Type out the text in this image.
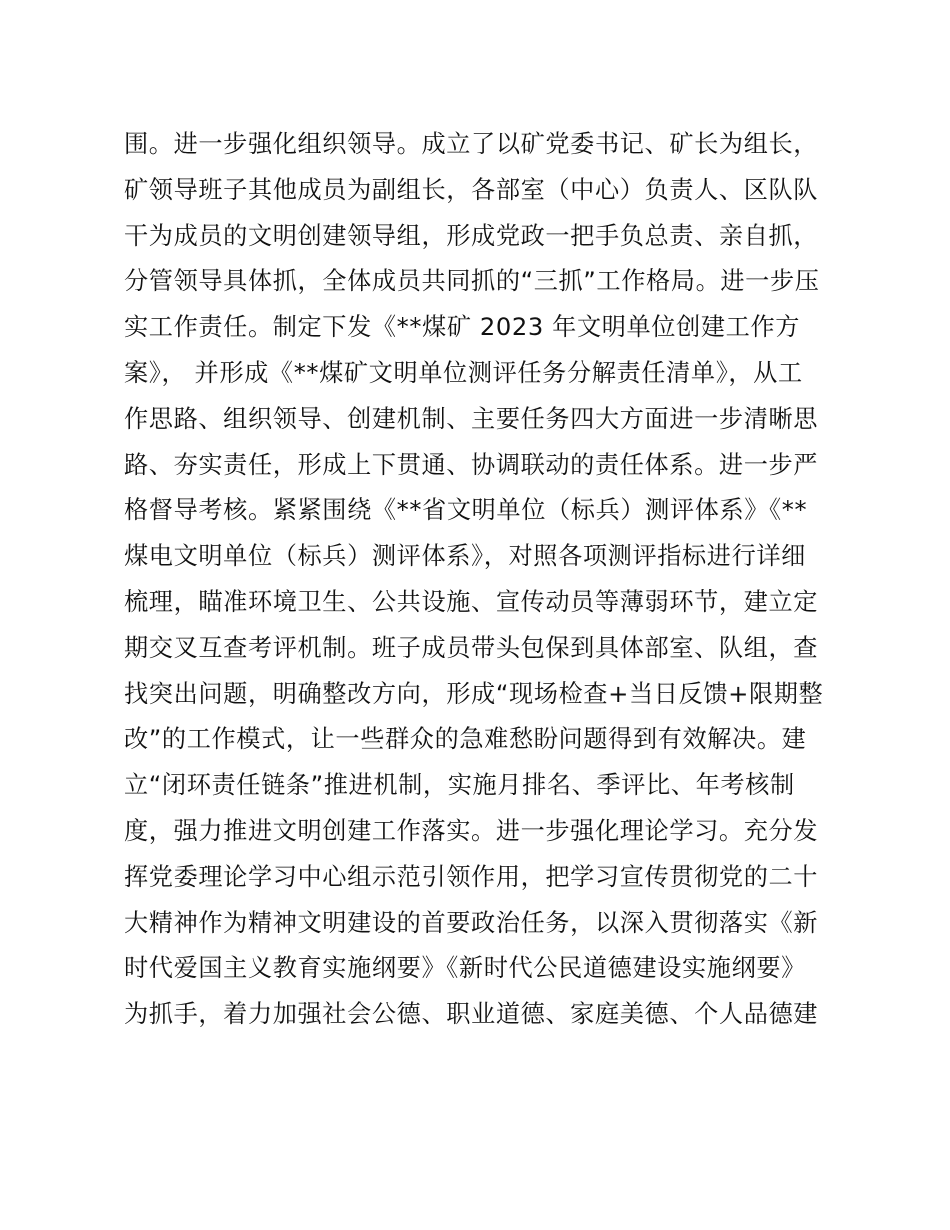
围。进一步强化组织领导。成立了以矿党委书记、矿长为组长，
矿领导班子其他成员为副组长，各部室（中心）负责人、区队队
干为成员的文明创建领导组，形成党政一把手负总责、亲自抓，
分管领导具体抓，全体成员共同抓的“三抓”工作格局。进一步压
实工作责任。制定下发《**煤矿 2023 年文明单位创建工作方
案》， 并形成《**煤矿文明单位测评任务分解责任清单》，从工
作思路、组织领导、创建机制、主要任务四大方面进一步清晰思
路、夯实责任，形成上下贯通、协调联动的责任体系。进一步严
格督导考核。紧紧围绕《**省文明单位（标兵）测评体系》《**
煤电文明单位（标兵）测评体系》，对照各项测评指标进行详细
梳理，瞄准环境卫生、公共设施、宣传动员等薄弱环节，建立定
期交叉互查考评机制。班子成员带头包保到具体部室、队组，查
找突出问题，明确整改方向，形成“现场检查+当日反馈+限期整
改”的工作模式，让一些群众的急难愁盼问题得到有效解决。建
立“闭环责任链条”推进机制，实施月排名、季评比、年考核制
度，强力推进文明创建工作落实。进一步强化理论学习。充分发
挥党委理论学习中心组示范引领作用，把学习宣传贯彻党的二十
大精神作为精神文明建设的首要政治任务，以深入贯彻落实《新
时代爱国主义教育实施纲要》《新时代公民道德建设实施纲要》
为抓手，着力加强社会公德、职业道德、家庭美德、个人品德建
